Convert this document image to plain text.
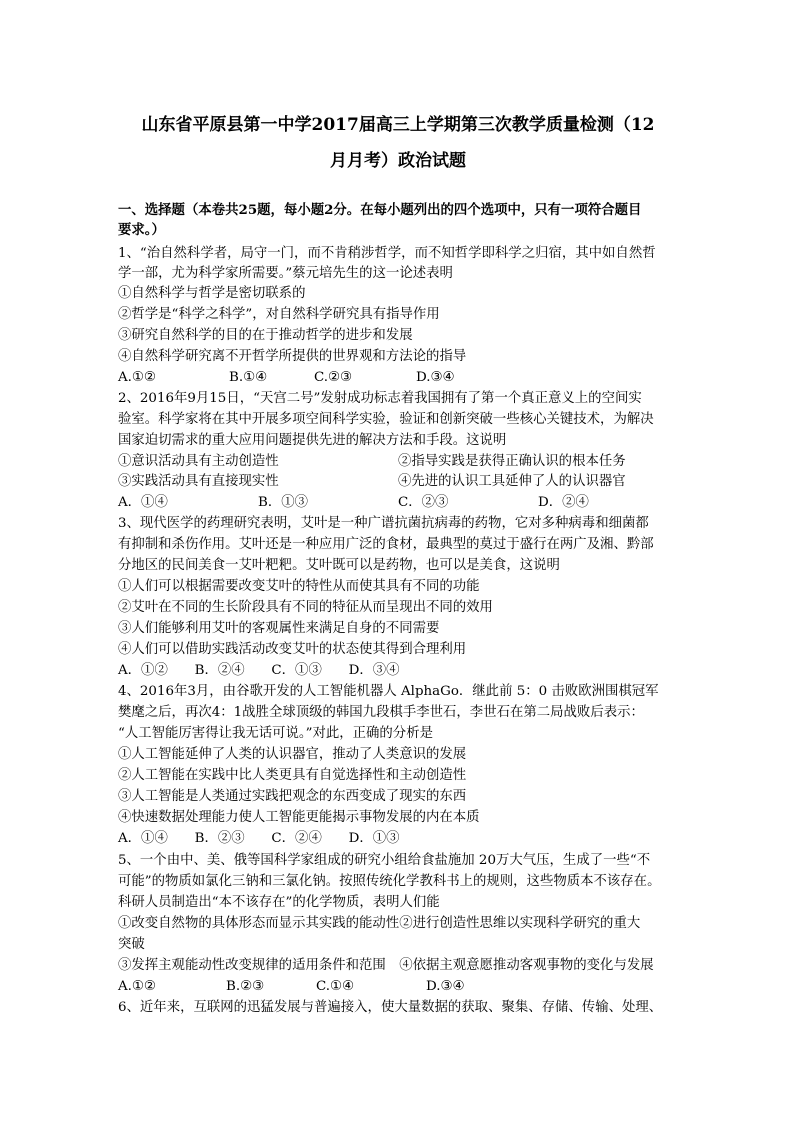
山东省平原县第一中学2017届高三上学期第三次教学质量检测（12
月月考）政治试题
一、选择题（本卷共25题，每小题2分。在每小题列出的四个选项中，只有一项符合题目
要求。）
1、“治自然科学者，局守一门，而不肯稍涉哲学，而不知哲学即科学之归宿，其中如自然哲
学一部，尤为科学家所需要。”蔡元培先生的这一论述表明
①自然科学与哲学是密切联系的
②哲学是“科学之科学”，对自然科学研究具有指导作用
③研究自然科学的目的在于推动哲学的进步和发展
④自然科学研究离不开哲学所提供的世界观和方法论的指导
A.①②	B.①④	C.②③	D.③④
2、2016年9月15日，“天宫二号”发射成功标志着我国拥有了第一个真正意义上的空间实
验室。科学家将在其中开展多项空间科学实验，验证和创新突破一些核心关键技术，为解决
国家迫切需求的重大应用问题提供先进的解决方法和手段。这说明
①意识活动具有主动创造性	②指导实践是获得正确认识的根本任务
③实践活动具有直接现实性	④先进的认识工具延伸了人的认识器官
A．①④	B．①③	C．②③	D．②④
3、现代医学的药理研究表明，艾叶是一种广谱抗菌抗病毒的药物，它对多种病毒和细菌都
有抑制和杀伤作用。艾叶还是一种应用广泛的食材，最典型的莫过于盛行在两广及湘、黔部
分地区的民间美食一艾叶粑粑。艾叶既可以是药物，也可以是美食，这说明
①人们可以根据需要改变艾叶的特性从而使其具有不同的功能
②艾叶在不同的生长阶段具有不同的特征从而呈现出不同的效用
③人们能够利用艾叶的客观属性来满足自身的不同需要
④人们可以借助实践活动改变艾叶的状态使其得到合理利用
A．①②　　B．②④　　C．①③　　D．③④
4、2016年3月，由谷歌开发的人工智能机器人 AlphaGo．继此前 5：0 击败欧洲围棋冠军
樊麾之后，再次4：1战胜全球顶级的韩国九段棋手李世石，李世石在第二局战败后表示：
“人工智能厉害得让我无话可说。”对此，正确的分析是
①人工智能延伸了人类的认识器官，推动了人类意识的发展
②人工智能在实践中比人类更具有自觉选择性和主动创造性
③人工智能是人类通过实践把观念的东西变成了现实的东西
④快速数据处理能力使人工智能更能揭示事物发展的内在本质
A．①④　　B．②③　　C．②④　　D．①③
5、一个由中、美、俄等国科学家组成的研究小组给食盐施加 20万大气压，生成了一些“不
可能”的物质如氯化三钠和三氯化钠。按照传统化学教科书上的规则，这些物质本不该存在。
科研人员制造出“本不该存在”的化学物质，表明人们能
①改变自然物的具体形态而显示其实践的能动性②进行创造性思维以实现科学研究的重大
突破
③发挥主观能动性改变规律的适用条件和范围　④依据主观意愿推动客观事物的变化与发展
A.①②	B.②③	C.①④	D.③④
6、近年来，互联网的迅猛发展与普遍接入，使大量数据的获取、聚集、存储、传输、处理、
